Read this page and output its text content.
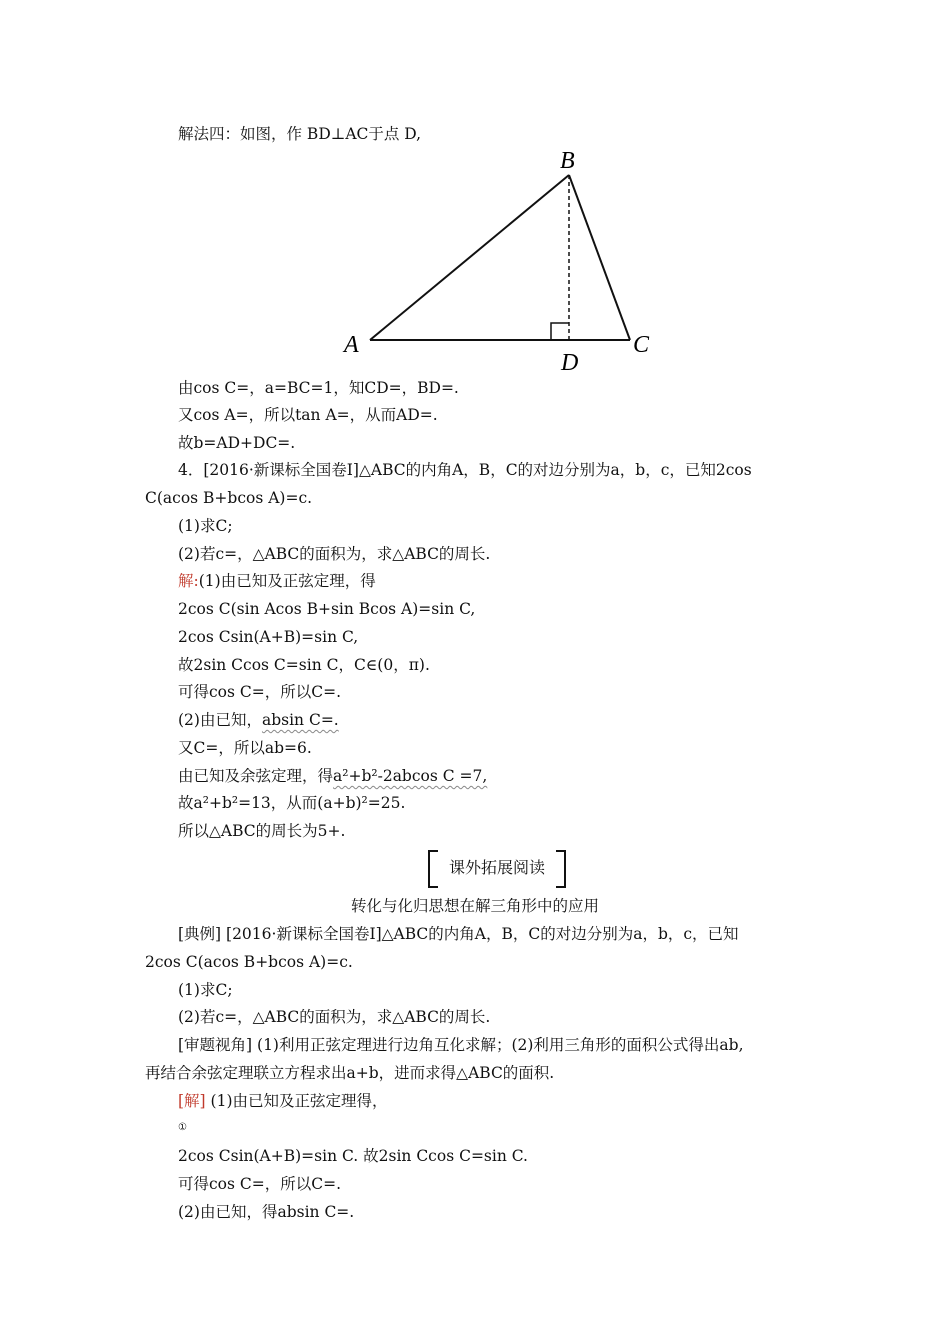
解法四：如图，作 BD⊥AC于点 D,
A
B
C
D
由cos C=，a=BC=1，知CD=，BD=.
又cos A=，所以tan A=，从而AD=.
故b=AD+DC=.
4．[2016·新课标全国卷Ⅰ]△ABC的内角A，B，C的对边分别为a，b，c，已知2cos
C(acos B+bcos A)=c.
(1)求C;
(2)若c=，△ABC的面积为，求△ABC的周长.
解:(1)由已知及正弦定理，得
2cos C(sin Acos B+sin Bcos A)=sin C,
2cos Csin(A+B)=sin C,
故2sin Ccos C=sin C，C∈(0，π).
可得cos C=，所以C=.
(2)由已知，absin C=.
又C=，所以ab=6.
由已知及余弦定理，得a²+b²-2abcos C =7,
故a²+b²=13，从而(a+b)²=25.
所以△ABC的周长为5+.
课外拓展阅读
转化与化归思想在解三角形中的应用
[典例] [2016·新课标全国卷Ⅰ]△ABC的内角A，B，C的对边分别为a，b，c，已知
2cos C(acos B+bcos A)=c.
(1)求C;
(2)若c=，△ABC的面积为，求△ABC的周长.
[审题视角] (1)利用正弦定理进行边角互化求解；(2)利用三角形的面积公式得出ab,
再结合余弦定理联立方程求出a+b，进而求得△ABC的面积.
[解] (1)由已知及正弦定理得，
①
2cos Csin(A+B)=sin C. 故2sin Ccos C=sin C.
可得cos C=，所以C=.
(2)由已知，得absin C=.
